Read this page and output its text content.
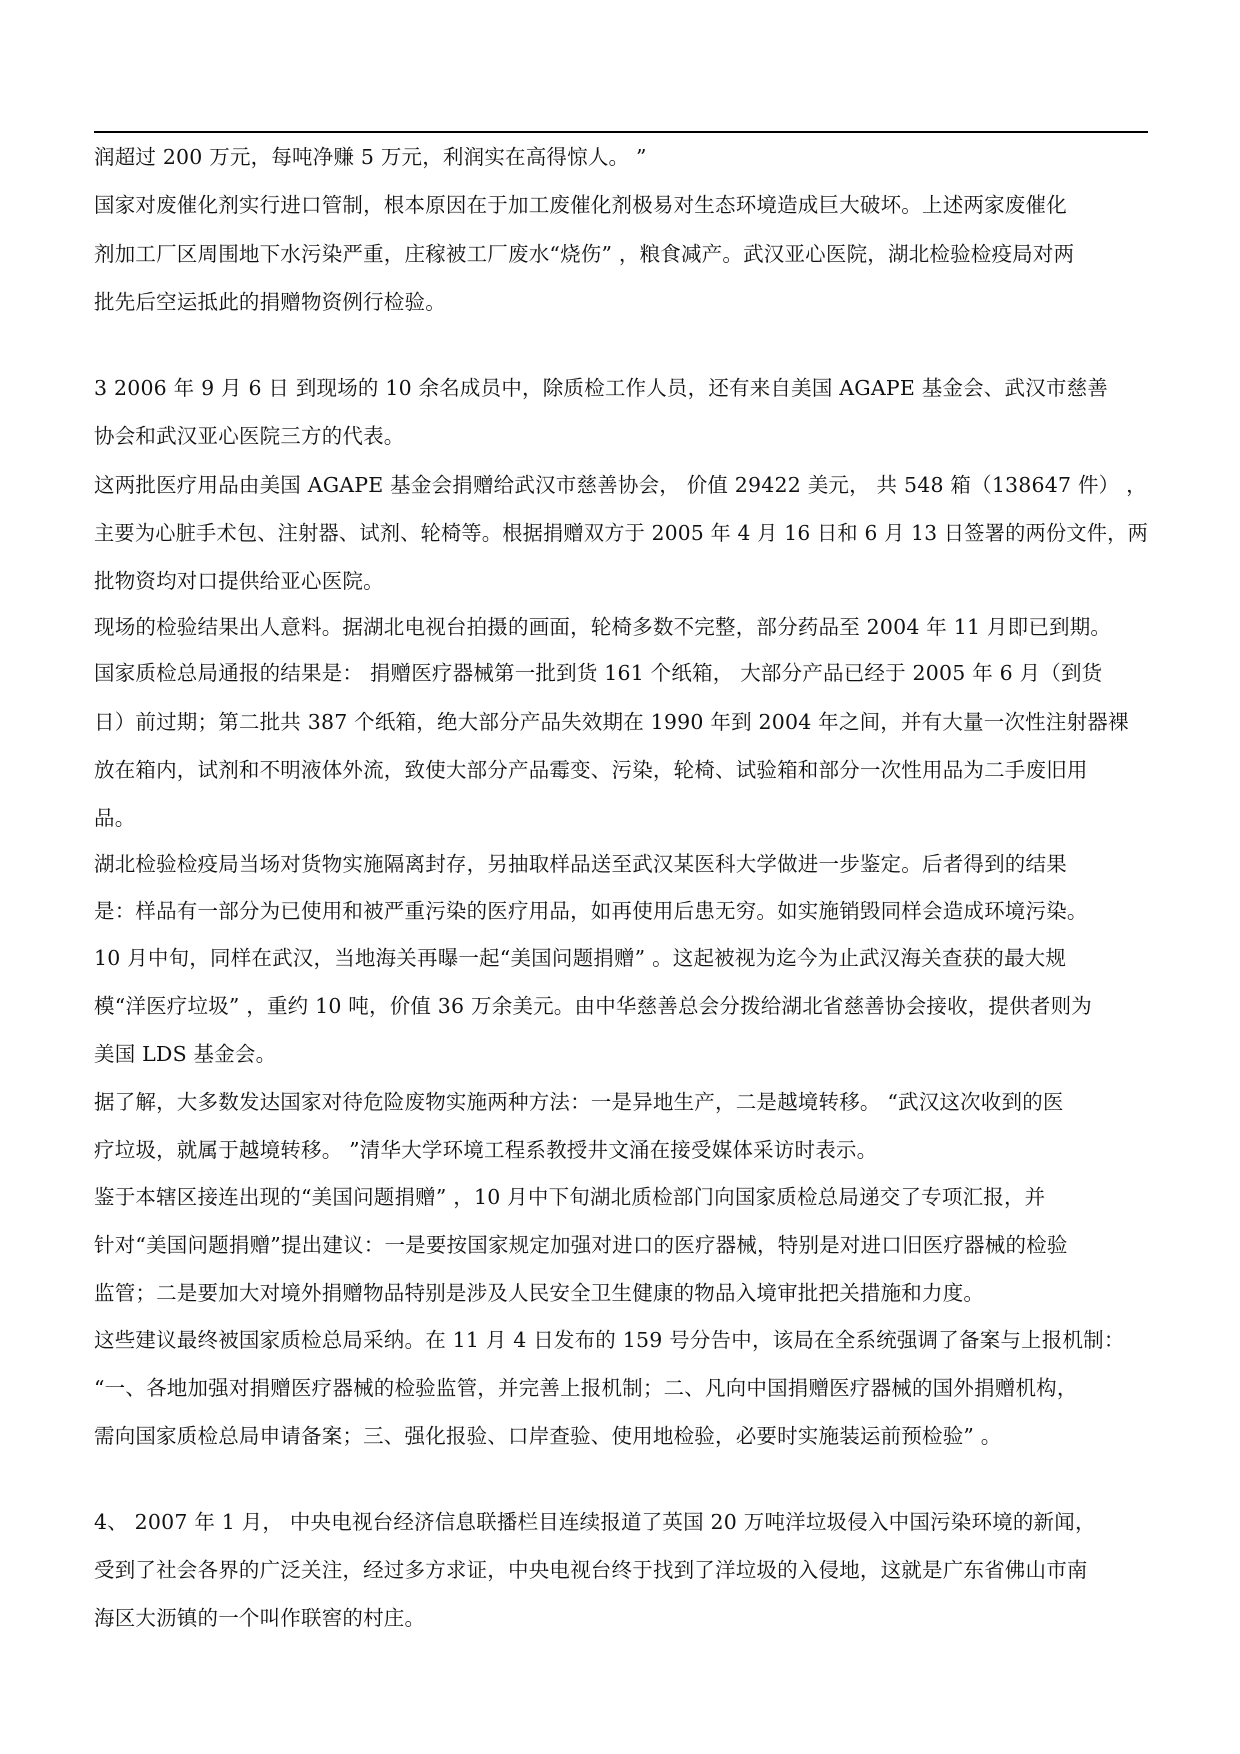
润超过 200 万元，每吨净赚 5 万元，利润实在高得惊人。 ”

国家对废催化剂实行进口管制，根本原因在于加工废催化剂极易对生态环境造成巨大破坏。上述两家废催化

剂加工厂区周围地下水污染严重，庄稼被工厂废水“烧伤” ，粮食减产。武汉亚心医院，湖北检验检疫局对两

批先后空运抵此的捐赠物资例行检验。

3 2006 年 9 月 6 日 到现场的 10 余名成员中，除质检工作人员，还有来自美国 AGAPE 基金会、武汉市慈善

协会和武汉亚心医院三方的代表。

这两批医疗用品由美国 AGAPE 基金会捐赠给武汉市慈善协会， 价值 29422 美元， 共 548 箱（138647 件） ，

主要为心脏手术包、注射器、试剂、轮椅等。根据捐赠双方于 2005 年 4 月 16 日和 6 月 13 日签署的两份文件，两

批物资均对口提供给亚心医院。

现场的检验结果出人意料。据湖北电视台拍摄的画面，轮椅多数不完整，部分药品至 2004 年 11 月即已到期。

国家质检总局通报的结果是： 捐赠医疗器械第一批到货 161 个纸箱， 大部分产品已经于 2005 年 6 月（到货

日）前过期；第二批共 387 个纸箱，绝大部分产品失效期在 1990 年到 2004 年之间，并有大量一次性注射器裸

放在箱内，试剂和不明液体外流，致使大部分产品霉变、污染，轮椅、试验箱和部分一次性用品为二手废旧用

品。

湖北检验检疫局当场对货物实施隔离封存，另抽取样品送至武汉某医科大学做进一步鉴定。后者得到的结果

是：样品有一部分为已使用和被严重污染的医疗用品，如再使用后患无穷。如实施销毁同样会造成环境污染。

10 月中旬，同样在武汉，当地海关再曝一起“美国问题捐赠” 。这起被视为迄今为止武汉海关查获的最大规

模“洋医疗垃圾” ，重约 10 吨，价值 36 万余美元。由中华慈善总会分拨给湖北省慈善协会接收，提供者则为

美国 LDS 基金会。

据了解，大多数发达国家对待危险废物实施两种方法：一是异地生产，二是越境转移。 “武汉这次收到的医

疗垃圾，就属于越境转移。 ”清华大学环境工程系教授井文涌在接受媒体采访时表示。

鉴于本辖区接连出现的“美国问题捐赠” ，10 月中下旬湖北质检部门向国家质检总局递交了专项汇报，并

针对“美国问题捐赠”提出建议：一是要按国家规定加强对进口的医疗器械，特别是对进口旧医疗器械的检验

监管；二是要加大对境外捐赠物品特别是涉及人民安全卫生健康的物品入境审批把关措施和力度。

这些建议最终被国家质检总局采纳。在 11 月 4 日发布的 159 号分告中，该局在全系统强调了备案与上报机制：

“一、各地加强对捐赠医疗器械的检验监管，并完善上报机制；二、凡向中国捐赠医疗器械的国外捐赠机构，

需向国家质检总局申请备案；三、强化报验、口岸查验、使用地检验，必要时实施装运前预检验” 。

4、 2007 年 1 月， 中央电视台经济信息联播栏目连续报道了英国 20 万吨洋垃圾侵入中国污染环境的新闻，

受到了社会各界的广泛关注，经过多方求证，中央电视台终于找到了洋垃圾的入侵地，这就是广东省佛山市南

海区大沥镇的一个叫作联窖的村庄。
